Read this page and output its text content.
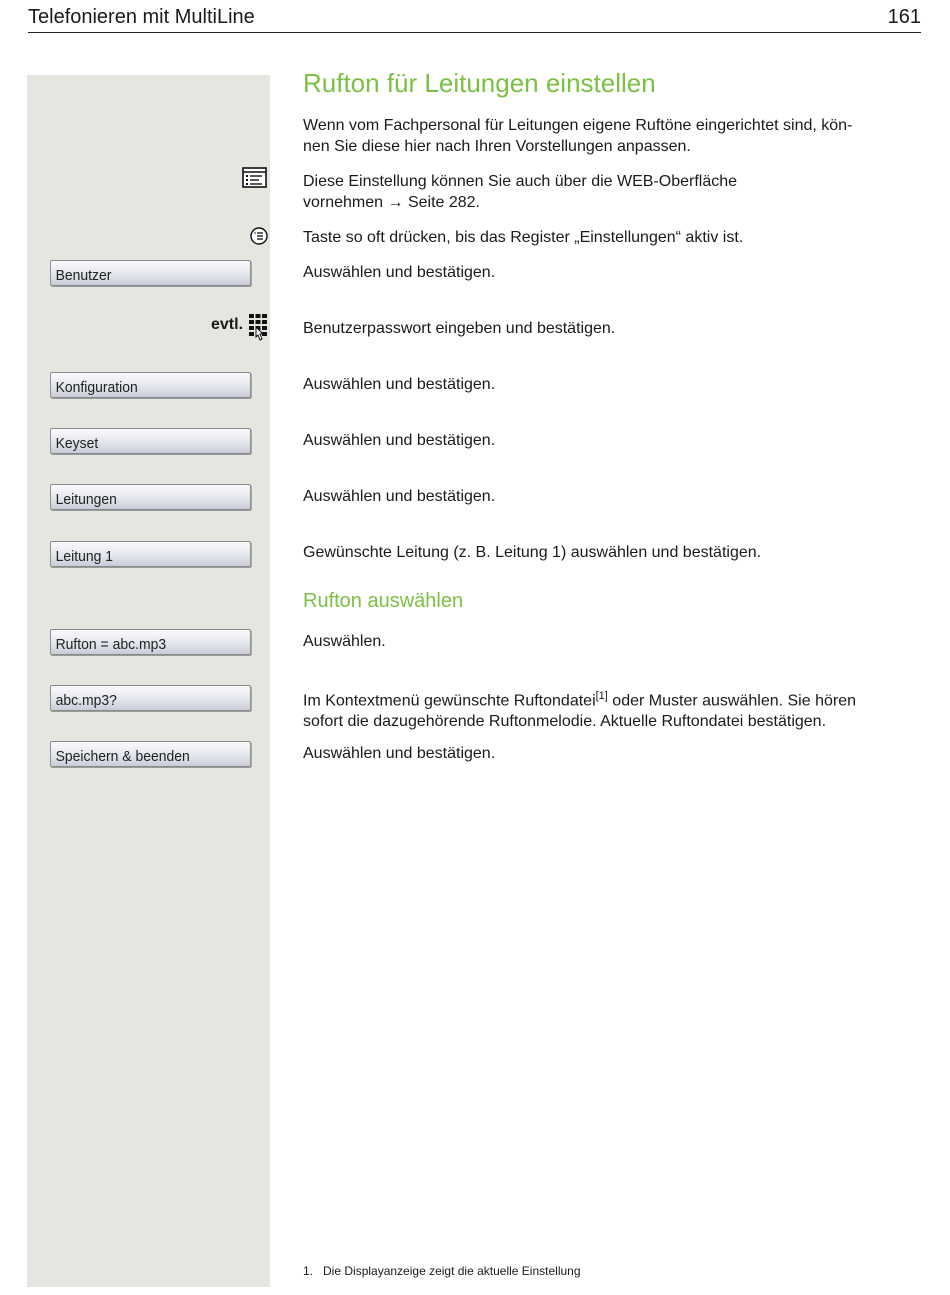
Telefonieren mit MultiLine	161
evtl.
Benutzer
Konfiguration
Keyset
Leitungen
Leitung 1
Rufton = abc.mp3
abc.mp3?
Speichern & beenden
Rufton für Leitungen einstellen

Wenn vom Fachpersonal für Leitungen eigene Ruftöne eingerichtet sind, kön-
nen Sie diese hier nach Ihren Vorstellungen anpassen.

Diese Einstellung können Sie auch über die WEB-Oberfläche
vornehmen → Seite 282.

Taste so oft drücken, bis das Register „Einstellungen“ aktiv ist.

Auswählen und bestätigen.

Benutzerpasswort eingeben und bestätigen.

Auswählen und bestätigen.

Auswählen und bestätigen.

Auswählen und bestätigen.

Gewünschte Leitung (z. B. Leitung 1) auswählen und bestätigen.

Rufton auswählen

Auswählen.

Im Kontextmenü gewünschte Ruftondatei[1] oder Muster auswählen. Sie hören
sofort die dazugehörende Ruftonmelodie. Aktuelle Ruftondatei bestätigen.

Auswählen und bestätigen.

1. Die Displayanzeige zeigt die aktuelle Einstellung
